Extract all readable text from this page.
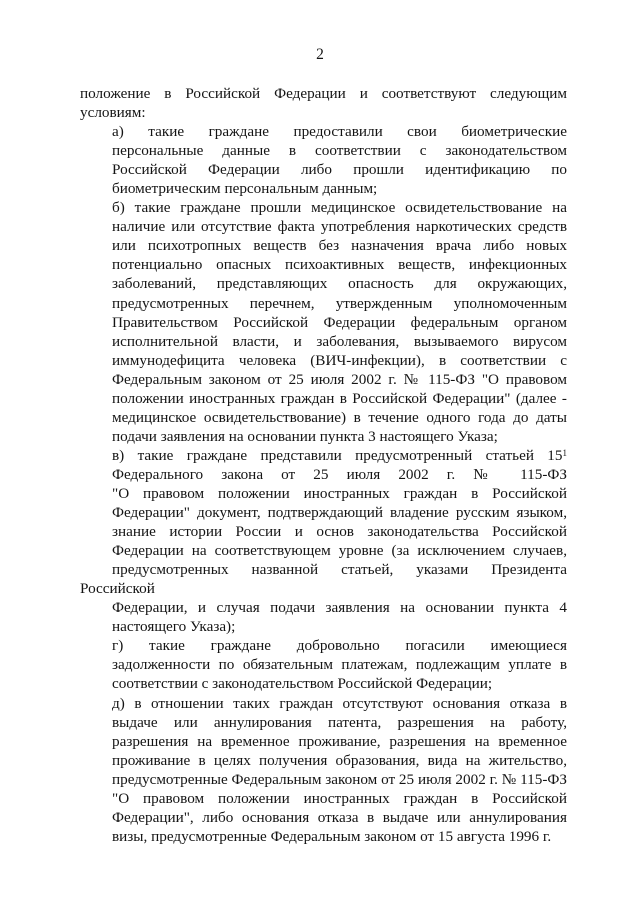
2
положение в Российской Федерации и соответствуют следующим
условиям:
а) такие граждане предоставили свои биометрические
персональные данные в соответствии с законодательством
Российской Федерации либо прошли идентификацию по
биометрическим персональным данным;
б) такие граждане прошли медицинское освидетельствование на
наличие или отсутствие факта употребления наркотических средств
или психотропных веществ без назначения врача либо новых
потенциально опасных психоактивных веществ, инфекционных
заболеваний, представляющих опасность для окружающих,
предусмотренных перечнем, утвержденным уполномоченным
Правительством Российской Федерации федеральным органом
исполнительной власти, и заболевания, вызываемого вирусом
иммунодефицита человека (ВИЧ-инфекции), в соответствии с
Федеральным законом от 25 июля 2002 г. № 115-ФЗ "О правовом
положении иностранных граждан в Российской Федерации" (далее -
медицинское освидетельствование) в течение одного года до даты
подачи заявления на основании пункта 3 настоящего Указа;
в) такие граждане представили предусмотренный статьей $15^1$
Федерального закона от 25 июля 2002 г. № 115-ФЗ
"О правовом положении иностранных граждан в Российской
Федерации" документ, подтверждающий владение русским языком,
знание истории России и основ законодательства Российской
Федерации на соответствующем уровне (за исключением случаев,
предусмотренных названной статьей, указами Президента Российской
Федерации, и случая подачи заявления на основании пункта 4
настоящего Указа);
г) такие граждане добровольно погасили имеющиеся
задолженности по обязательным платежам, подлежащим уплате в
соответствии с законодательством Российской Федерации;
д) в отношении таких граждан отсутствуют основания отказа в
выдаче или аннулирования патента, разрешения на работу,
разрешения на временное проживание, разрешения на временное
проживание в целях получения образования, вида на жительство,
предусмотренные Федеральным законом от 25 июля 2002 г. № 115-ФЗ
"О правовом положении иностранных граждан в Российской
Федерации", либо основания отказа в выдаче или аннулирования
визы, предусмотренные Федеральным законом от 15 августа 1996 г.
